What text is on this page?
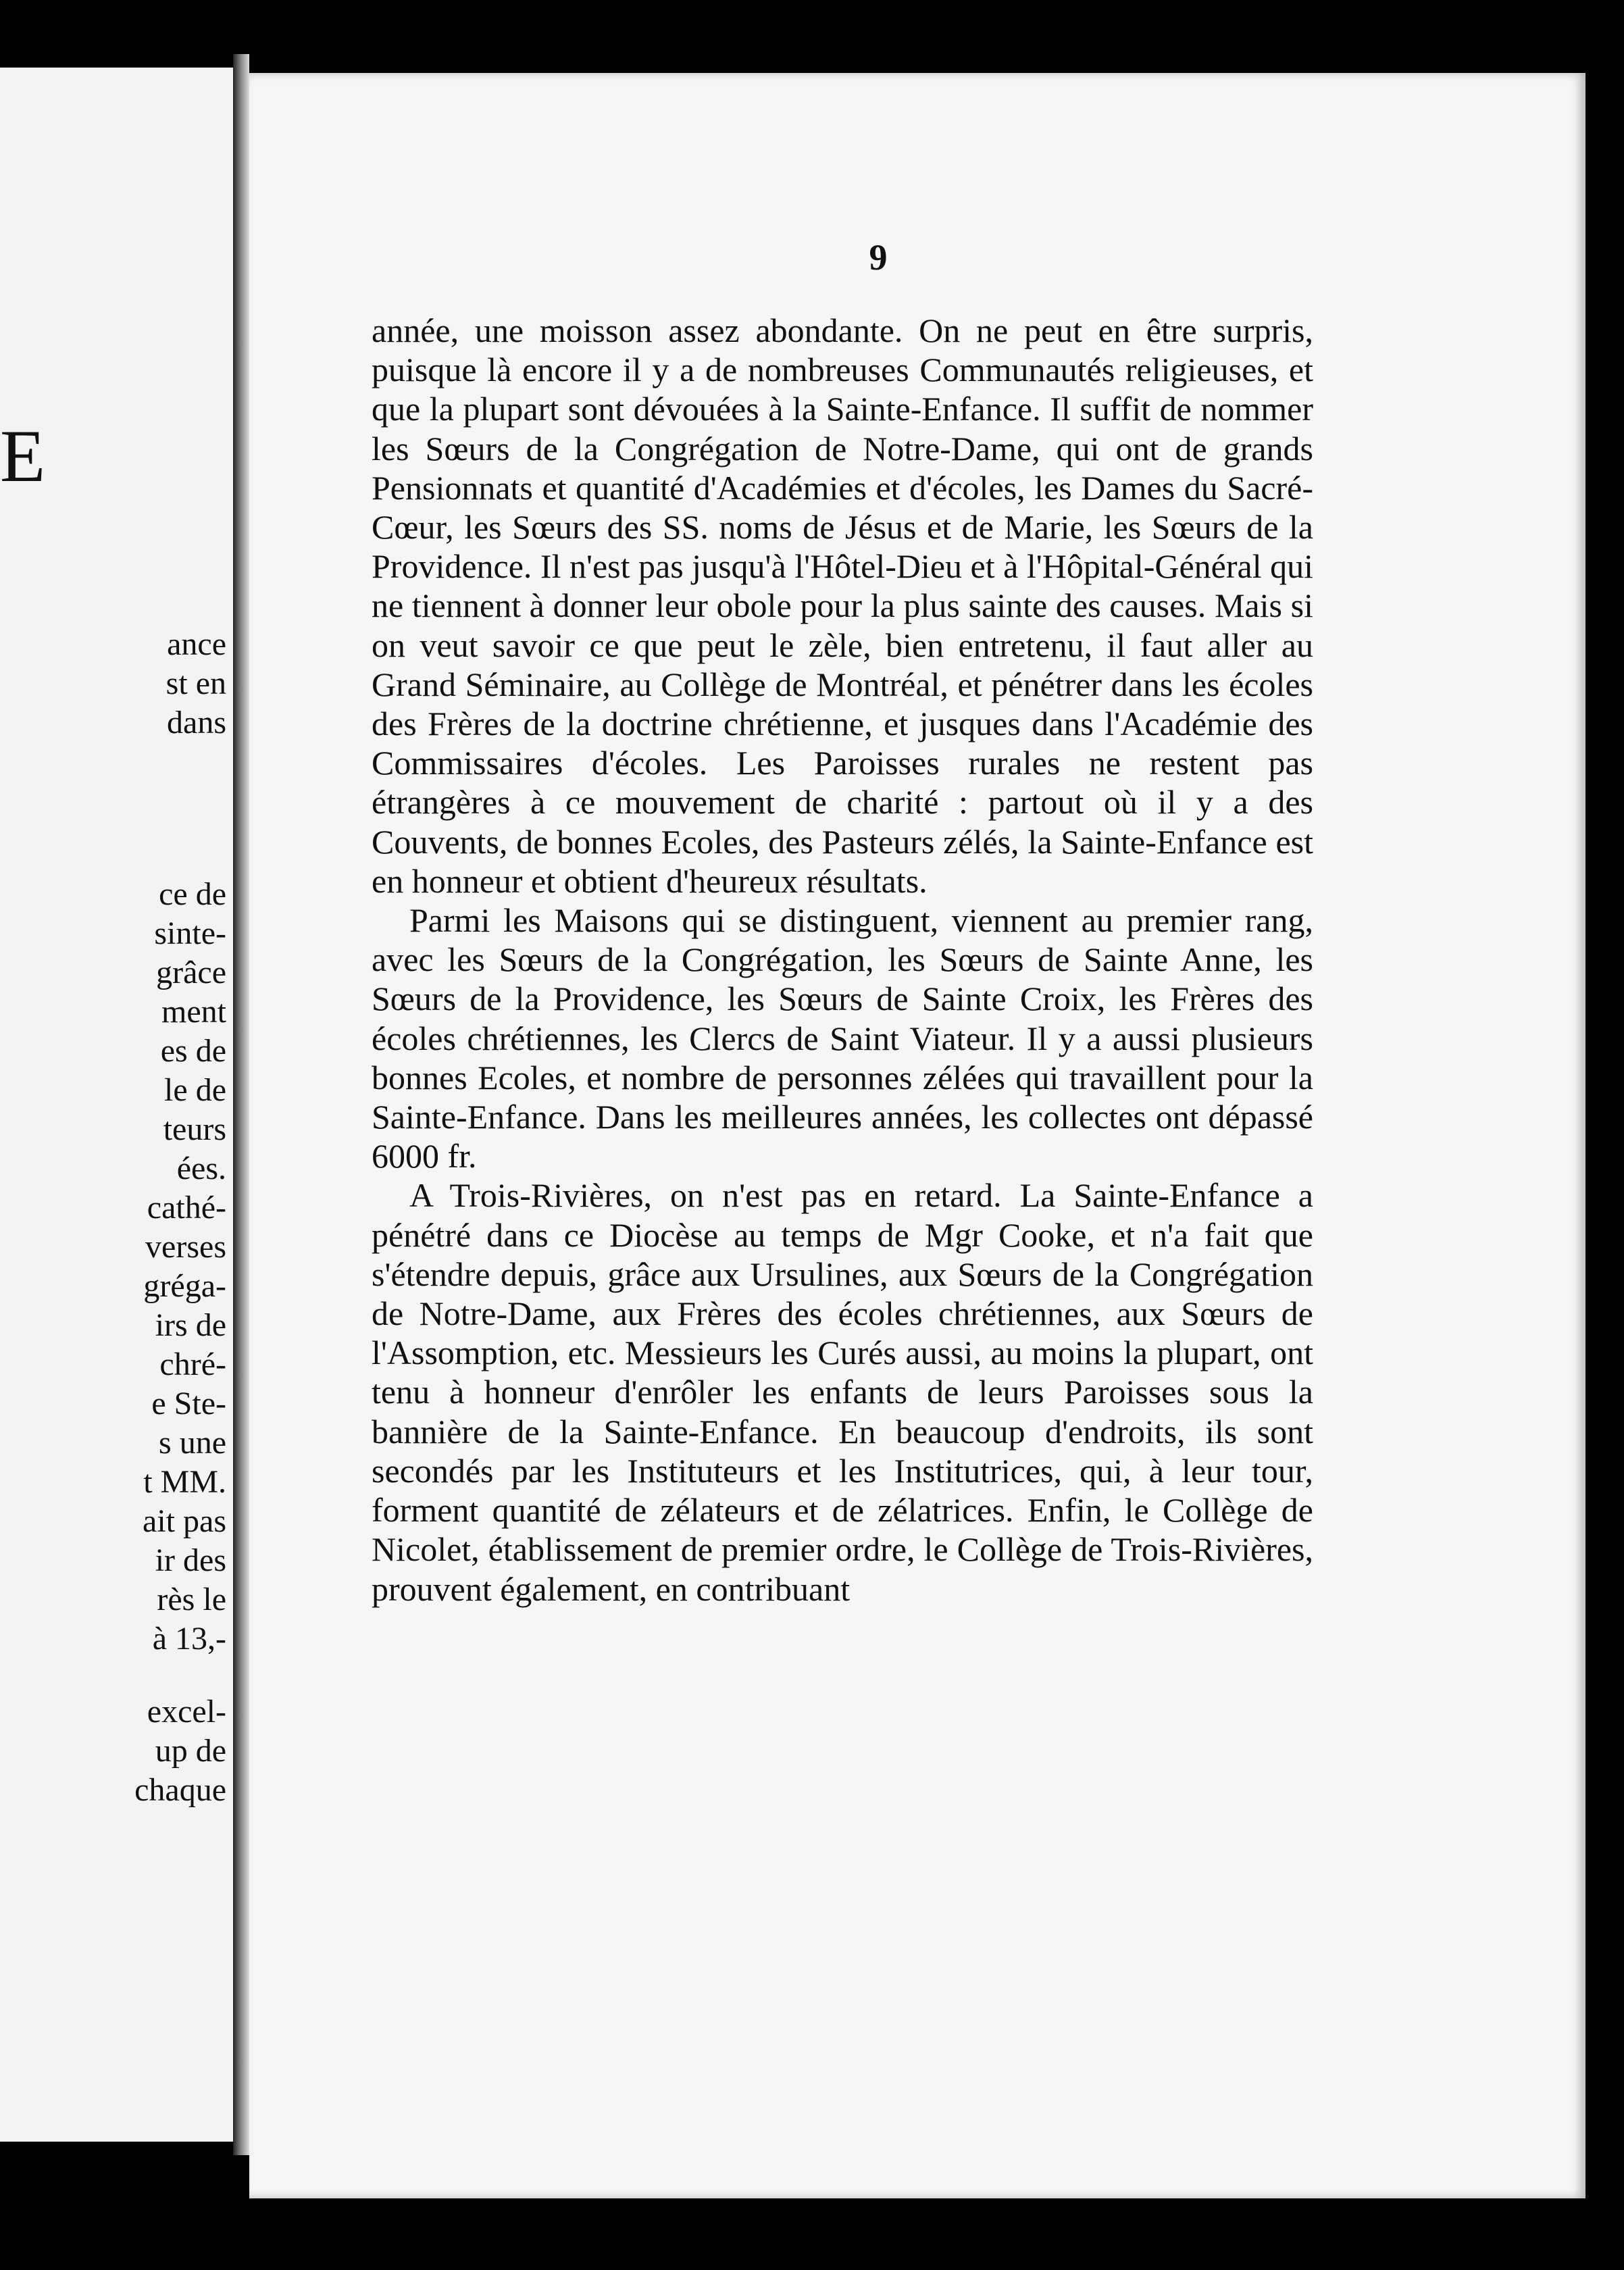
E
ance
st en
dans
ce de
sinte-
grâce
ment
es de
le de
teurs
ées.
cathé-
verses
grégа-
irs de
chré-
e Ste-
s une
t MM.
ait pas
ir des
rès le
à 13,-
excel-
up de
chaque
9

année, une moisson assez abondante. On ne peut en être surpris, puisque là encore il y a de nombreuses Communautés religieuses, et que la plupart sont dévouées à la Sainte-Enfance. Il suffit de nommer les Sœurs de la Congrégation de Notre-Dame, qui ont de grands Pensionnats et quantité d'Académies et d'écoles, les Dames du Sacré-Cœur, les Sœurs des SS. noms de Jésus et de Marie, les Sœurs de la Providence. Il n'est pas jusqu'à l'Hôtel-Dieu et à l'Hôpital-Général qui ne tiennent à donner leur obole pour la plus sainte des causes. Mais si on veut savoir ce que peut le zèle, bien entretenu, il faut aller au Grand Séminaire, au Collège de Montréal, et pénétrer dans les écoles des Frères de la doctrine chrétienne, et jusques dans l'Académie des Commissaires d'écoles. Les Paroisses rurales ne restent pas étrangères à ce mouvement de charité : partout où il y a des Couvents, de bonnes Ecoles, des Pasteurs zélés, la Sainte-Enfance est en honneur et obtient d'heureux résultats.

Parmi les Maisons qui se distinguent, viennent au premier rang, avec les Sœurs de la Congrégation, les Sœurs de Sainte Anne, les Sœurs de la Providence, les Sœurs de Sainte Croix, les Frères des écoles chrétiennes, les Clercs de Saint Viateur. Il y a aussi plusieurs bonnes Ecoles, et nombre de personnes zélées qui travaillent pour la Sainte-Enfance. Dans les meilleures années, les collectes ont dépassé 6000 fr.

A Trois-Rivières, on n'est pas en retard. La Sainte-Enfance a pénétré dans ce Diocèse au temps de Mgr Cooke, et n'a fait que s'étendre depuis, grâce aux Ursulines, aux Sœurs de la Congrégation de Notre-Dame, aux Frères des écoles chrétiennes, aux Sœurs de l'Assomption, etc. Messieurs les Curés aussi, au moins la plupart, ont tenu à honneur d'enrôler les enfants de leurs Paroisses sous la bannière de la Sainte-Enfance. En beaucoup d'endroits, ils sont secondés par les Instituteurs et les Institutrices, qui, à leur tour, forment quantité de zélateurs et de zélatrices. Enfin, le Collège de Nicolet, établissement de premier ordre, le Collège de Trois-Rivières, prouvent également, en contribuant
